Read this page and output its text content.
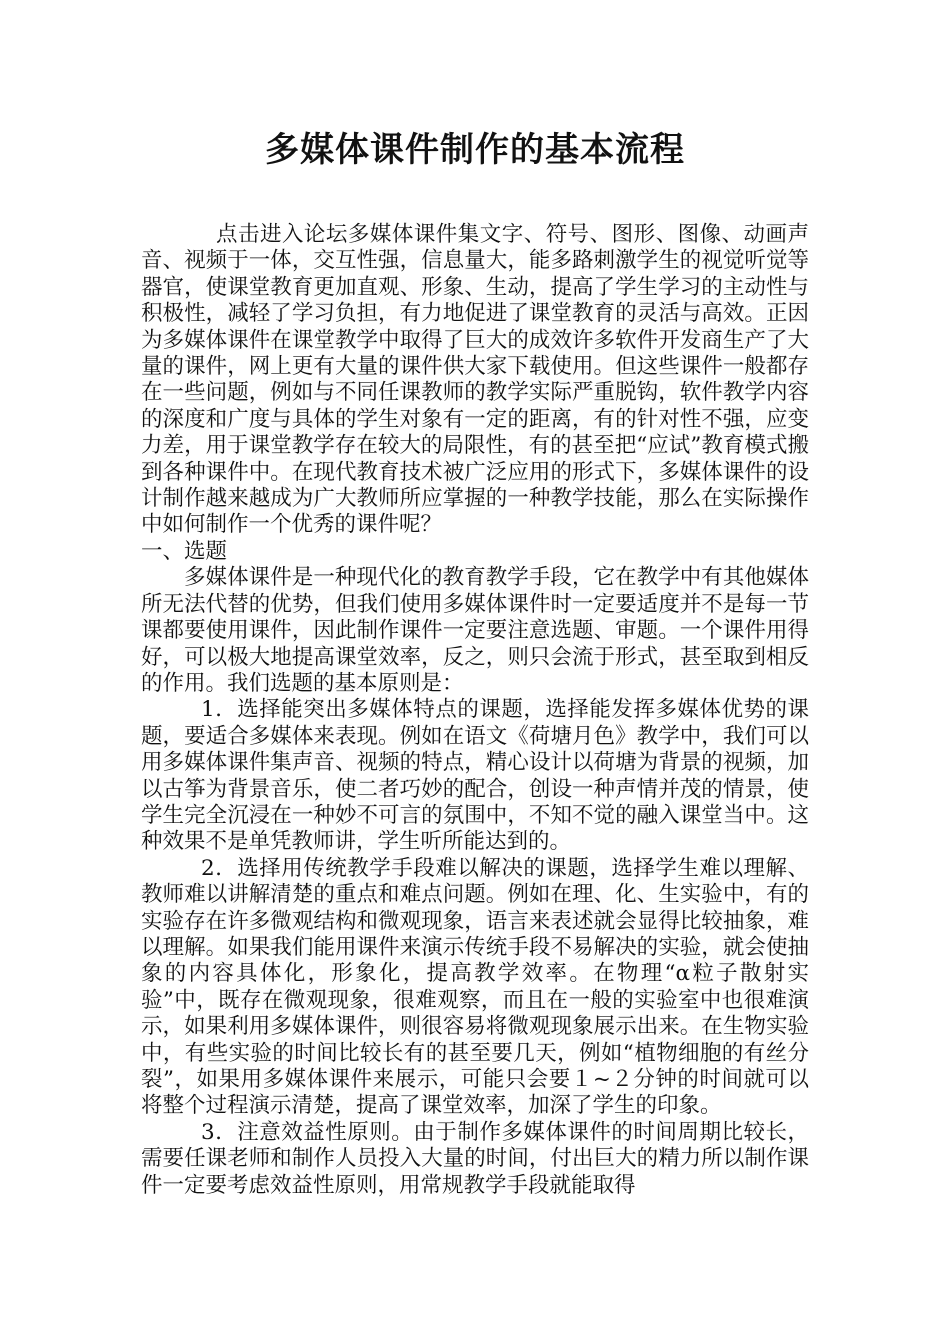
多媒体课件制作的基本流程

点击进入论坛多媒体课件集文字、符号、图形、图像、动画声音、视频于一体，交互性强，信息量大，能多路刺激学生的视觉听觉等器官，使课堂教育更加直观、形象、生动，提高了学生学习的主动性与积极性，减轻了学习负担，有力地促进了课堂教育的灵活与高效。正因为多媒体课件在课堂教学中取得了巨大的成效许多软件开发商生产了大量的课件，网上更有大量的课件供大家下载使用。但这些课件一般都存在一些问题，例如与不同任课教师的教学实际严重脱钩，软件教学内容的深度和广度与具体的学生对象有一定的距离，有的针对性不强，应变力差，用于课堂教学存在较大的局限性，有的甚至把“应试”教育模式搬到各种课件中。在现代教育技术被广泛应用的形式下，多媒体课件的设计制作越来越成为广大教师所应掌握的一种教学技能，那么在实际操作中如何制作一个优秀的课件呢？

一、选题

多媒体课件是一种现代化的教育教学手段，它在教学中有其他媒体所无法代替的优势，但我们使用多媒体课件时一定要适度并不是每一节课都要使用课件，因此制作课件一定要注意选题、审题。一个课件用得好，可以极大地提高课堂效率，反之，则只会流于形式，甚至取到相反的作用。我们选题的基本原则是：

1．选择能突出多媒体特点的课题，选择能发挥多媒体优势的课题，要适合多媒体来表现。例如在语文《荷塘月色》教学中，我们可以用多媒体课件集声音、视频的特点，精心设计以荷塘为背景的视频，加以古筝为背景音乐，使二者巧妙的配合，创设一种声情并茂的情景，使学生完全沉浸在一种妙不可言的氛围中，不知不觉的融入课堂当中。这种效果不是单凭教师讲，学生听所能达到的。

2．选择用传统教学手段难以解决的课题，选择学生难以理解、教师难以讲解清楚的重点和难点问题。例如在理、化、生实验中，有的实验存在许多微观结构和微观现象，语言来表述就会显得比较抽象，难以理解。如果我们能用课件来演示传统手段不易解决的实验，就会使抽象的内容具体化，形象化，提高教学效率。在物理“α粒子散射实验”中，既存在微观现象，很难观察，而且在一般的实验室中也很难演示，如果利用多媒体课件，则很容易将微观现象展示出来。在生物实验中，有些实验的时间比较长有的甚至要几天，例如“植物细胞的有丝分裂”，如果用多媒体课件来展示，可能只会要１~２分钟的时间就可以将整个过程演示清楚，提高了课堂效率，加深了学生的印象。

3．注意效益性原则。由于制作多媒体课件的时间周期比较长，需要任课老师和制作人员投入大量的时间，付出巨大的精力所以制作课件一定要考虑效益性原则，用常规教学手段就能取得
